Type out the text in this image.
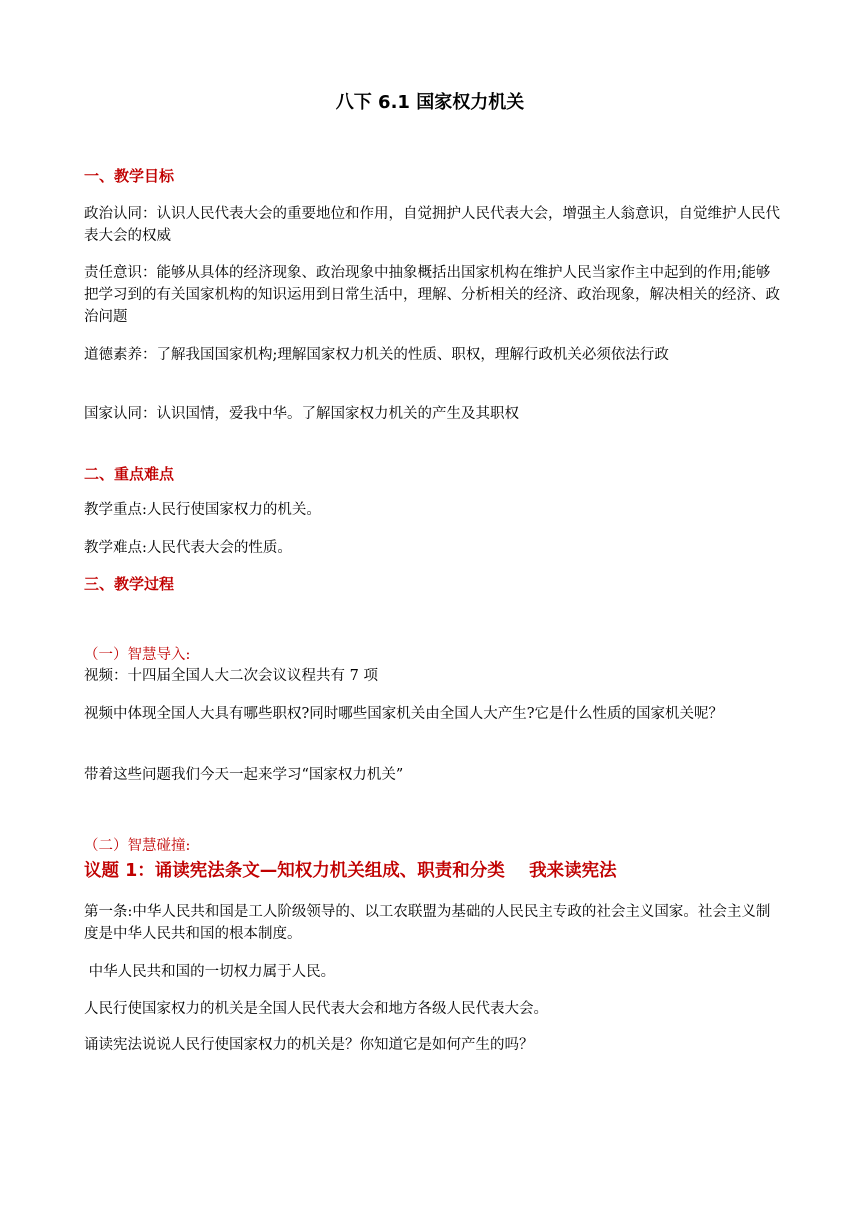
八下 6.1 国家权力机关
一、教学目标
政治认同：认识人民代表大会的重要地位和作用，自觉拥护人民代表大会，增强主人翁意识，自觉维护人民代表大会的权威
责任意识：能够从具体的经济现象、政治现象中抽象概括出国家机构在维护人民当家作主中起到的作用;能够把学习到的有关国家机构的知识运用到日常生活中，理解、分析相关的经济、政治现象，解决相关的经济、政治问题
道德素养：了解我国国家机构;理解国家权力机关的性质、职权，理解行政机关必须依法行政
国家认同：认识国情，爱我中华。了解国家权力机关的产生及其职权
二、重点难点
教学重点:人民行使国家权力的机关。
教学难点:人民代表大会的性质。
三、教学过程
（一）智慧导入:
视频：十四届全国人大二次会议议程共有 7 项
视频中体现全国人大具有哪些职权?同时哪些国家机关由全国人大产生?它是什么性质的国家机关呢？
带着这些问题我们今天一起来学习“国家权力机关”
（二）智慧碰撞:
议题 1：诵读宪法条文—知权力机关组成、职责和分类    我来读宪法
第一条:中华人民共和国是工人阶级领导的、以工农联盟为基础的人民民主专政的社会主义国家。社会主义制度是中华人民共和国的根本制度。
中华人民共和国的一切权力属于人民。
人民行使国家权力的机关是全国人民代表大会和地方各级人民代表大会。
诵读宪法说说人民行使国家权力的机关是？你知道它是如何产生的吗？
